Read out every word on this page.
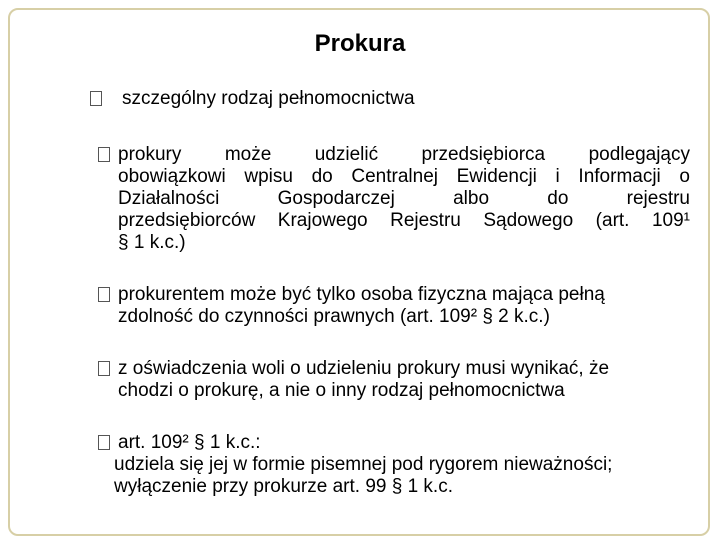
Prokura
szczególny rodzaj pełnomocnictwa
prokury może udzielić przedsiębiorca podlegający
obowiązkowi wpisu do Centralnej Ewidencji i Informacji o
Działalności Gospodarczej albo do rejestru
przedsiębiorców Krajowego Rejestru Sądowego (art. 109¹
§ 1 k.c.)
prokurentem może być tylko osoba fizyczna mająca pełną
zdolność do czynności prawnych (art. 109² § 2 k.c.)
z oświadczenia woli o udzieleniu prokury musi wynikać, że
chodzi o prokurę, a nie o inny rodzaj pełnomocnictwa
art. 109² § 1 k.c.:
udziela się jej w formie pisemnej pod rygorem nieważności;
wyłączenie przy prokurze art. 99 § 1 k.c.
